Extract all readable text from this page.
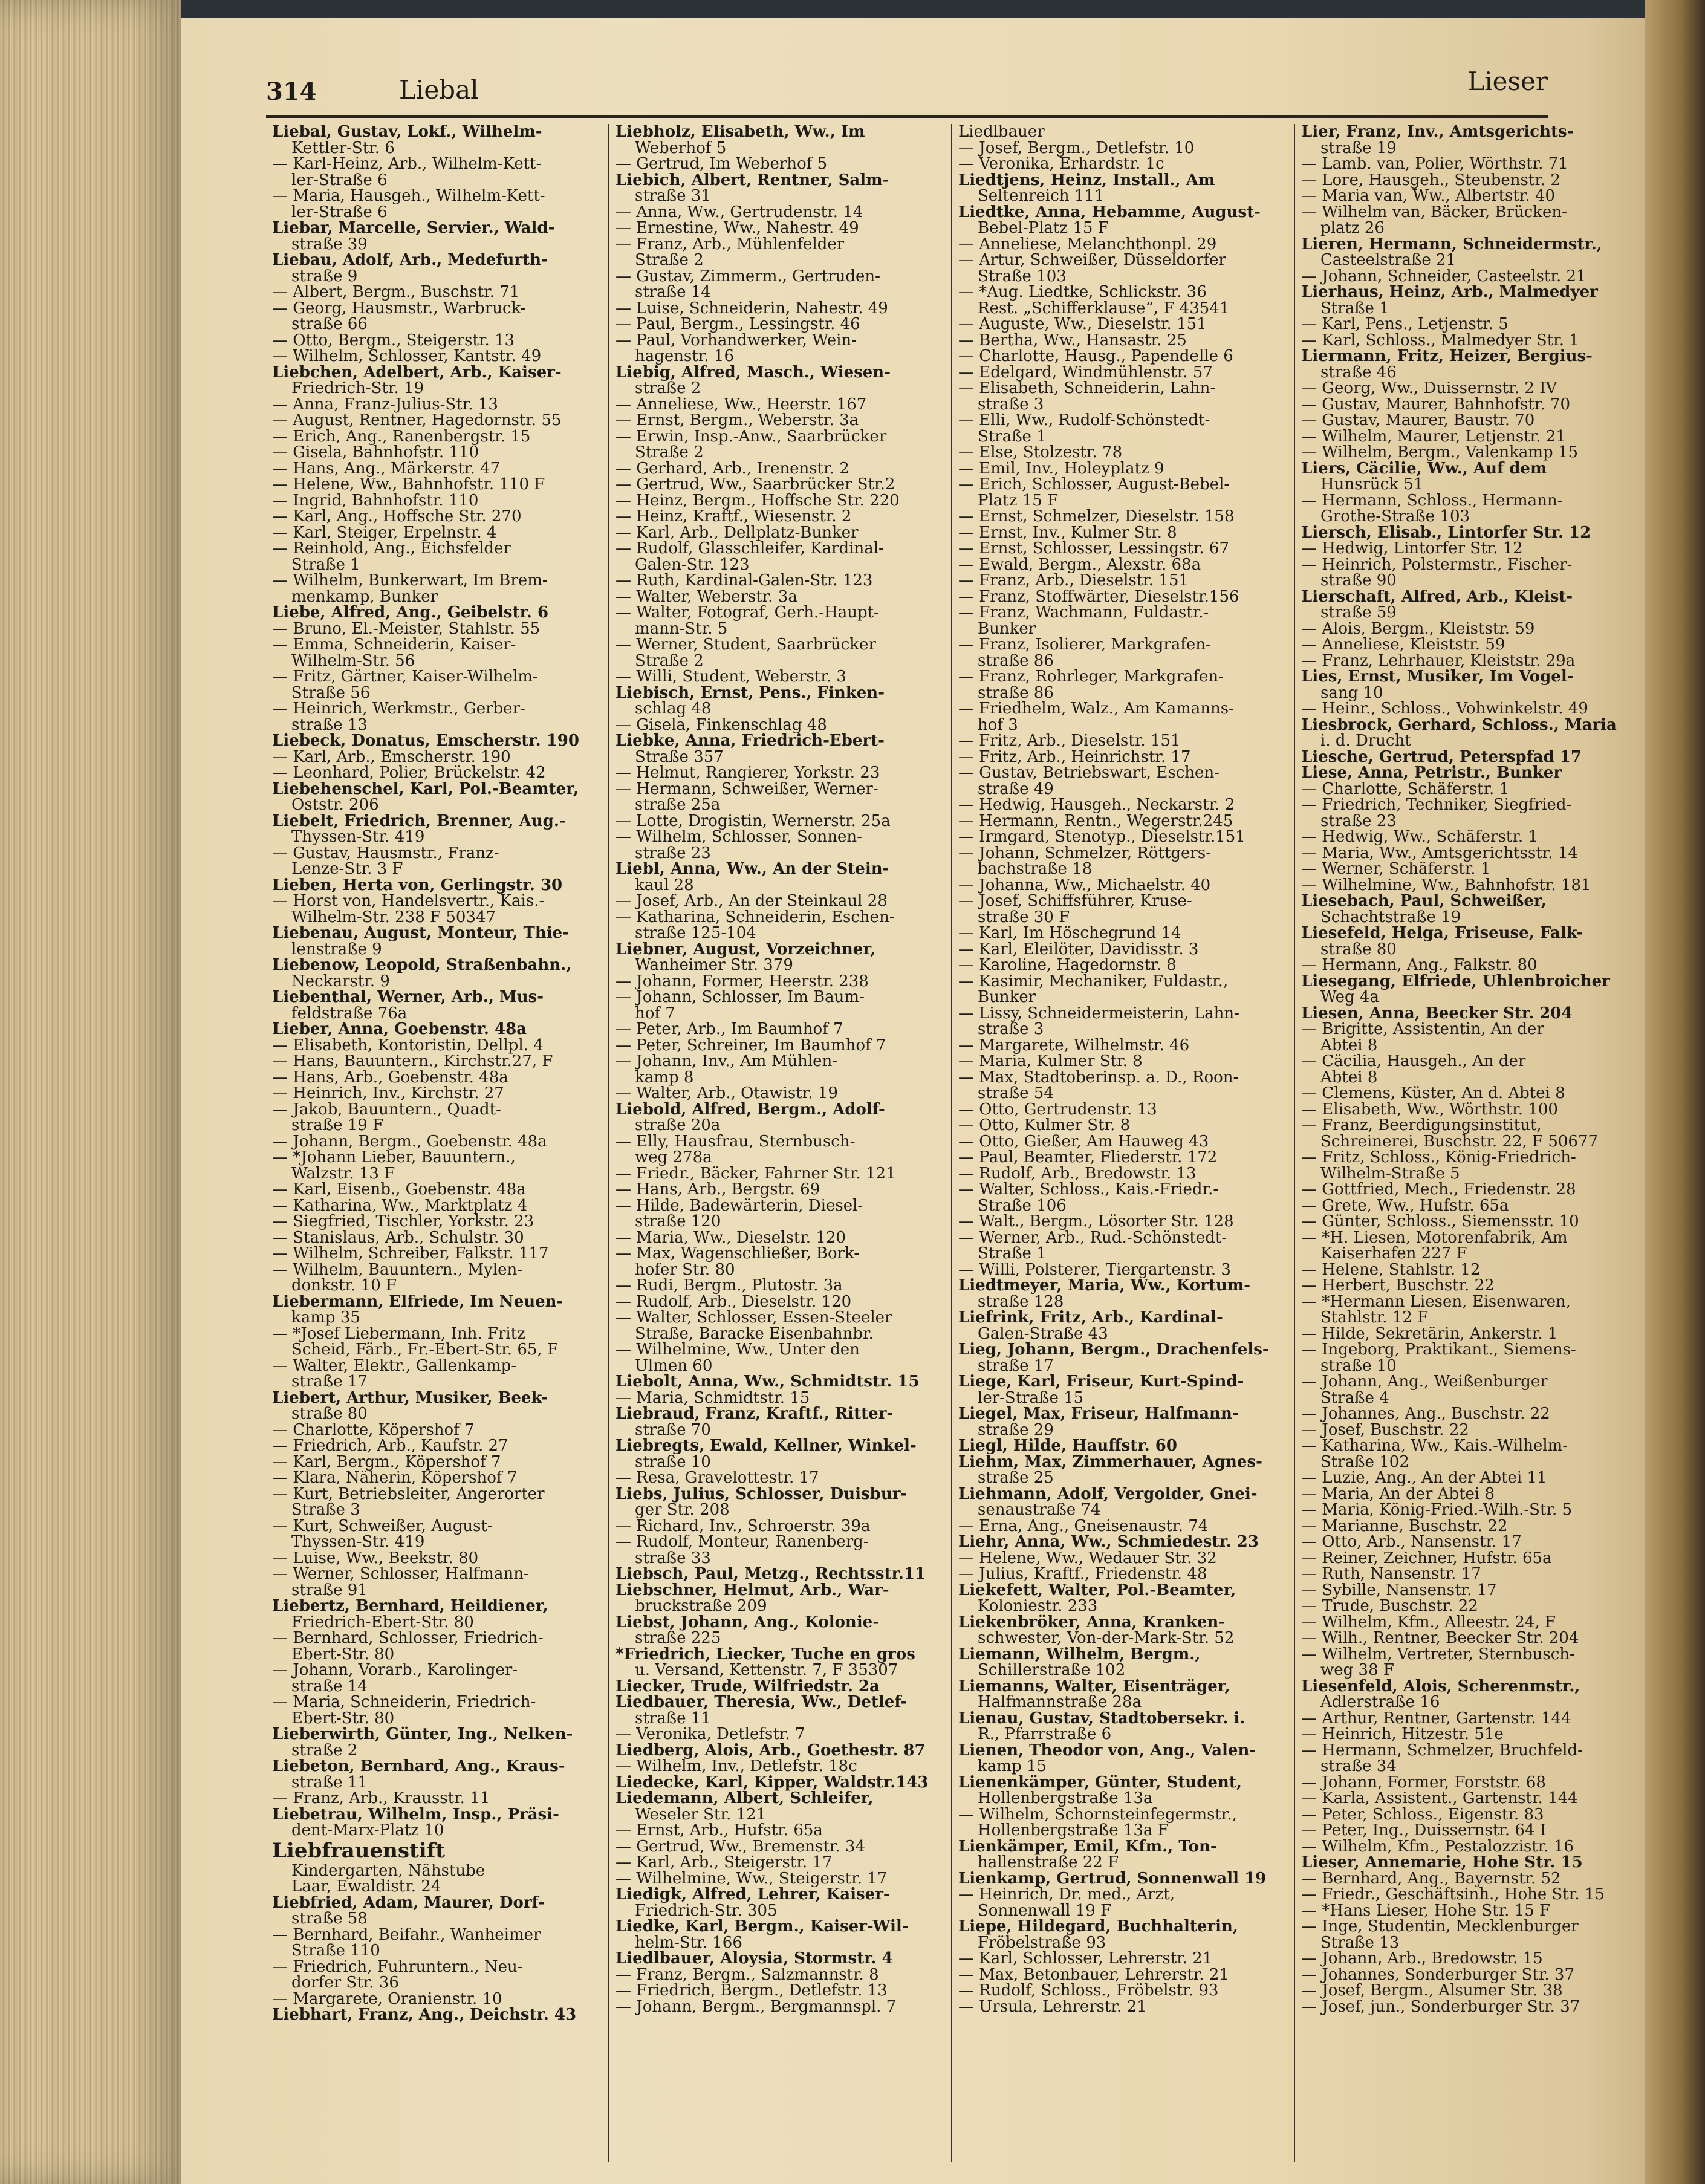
314	Liebal	Lieser
Liebal, Gustav, Lokf., Wilhelm-
Kettler-Str. 6
— Karl-Heinz, Arb., Wilhelm-Kett-
ler-Straße 6
— Maria, Hausgeh., Wilhelm-Kett-
ler-Straße 6
Liebar, Marcelle, Servier., Wald-
straße 39
Liebau, Adolf, Arb., Medefurth-
straße 9
— Albert, Bergm., Buschstr. 71
— Georg, Hausmstr., Warbruck-
straße 66
— Otto, Bergm., Steigerstr. 13
— Wilhelm, Schlosser, Kantstr. 49
Liebchen, Adelbert, Arb., Kaiser-
Friedrich-Str. 19
— Anna, Franz-Julius-Str. 13
— August, Rentner, Hagedornstr. 55
— Erich, Ang., Ranenbergstr. 15
— Gisela, Bahnhofstr. 110
— Hans, Ang., Märkerstr. 47
— Helene, Ww., Bahnhofstr. 110 F
— Ingrid, Bahnhofstr. 110
— Karl, Ang., Hoffsche Str. 270
— Karl, Steiger, Erpelnstr. 4
— Reinhold, Ang., Eichsfelder
Straße 1
— Wilhelm, Bunkerwart, Im Brem-
menkamp, Bunker
Liebe, Alfred, Ang., Geibelstr. 6
— Bruno, El.-Meister, Stahlstr. 55
— Emma, Schneiderin, Kaiser-
Wilhelm-Str. 56
— Fritz, Gärtner, Kaiser-Wilhelm-
Straße 56
— Heinrich, Werkmstr., Gerber-
straße 13
Liebeck, Donatus, Emscherstr. 190
— Karl, Arb., Emscherstr. 190
— Leonhard, Polier, Brückelstr. 42
Liebehenschel, Karl, Pol.-Beamter,
Oststr. 206
Liebelt, Friedrich, Brenner, Aug.-
Thyssen-Str. 419
— Gustav, Hausmstr., Franz-
Lenze-Str. 3 F
Lieben, Herta von, Gerlingstr. 30
— Horst von, Handelsvertr., Kais.-
Wilhelm-Str. 238 F 50347
Liebenau, August, Monteur, Thie-
lenstraße 9
Liebenow, Leopold, Straßenbahn.,
Neckarstr. 9
Liebenthal, Werner, Arb., Mus-
feldstraße 76a
Lieber, Anna, Goebenstr. 48a
— Elisabeth, Kontoristin, Dellpl. 4
— Hans, Bauuntern., Kirchstr.27, F
— Hans, Arb., Goebenstr. 48a
— Heinrich, Inv., Kirchstr. 27
— Jakob, Bauuntern., Quadt-
straße 19 F
— Johann, Bergm., Goebenstr. 48a
— *Johann Lieber, Bauuntern.,
Walzstr. 13 F
— Karl, Eisenb., Goebenstr. 48a
— Katharina, Ww., Marktplatz 4
— Siegfried, Tischler, Yorkstr. 23
— Stanislaus, Arb., Schulstr. 30
— Wilhelm, Schreiber, Falkstr. 117
— Wilhelm, Bauuntern., Mylen-
donkstr. 10 F
Liebermann, Elfriede, Im Neuen-
kamp 35
— *Josef Liebermann, Inh. Fritz
Scheid, Färb., Fr.-Ebert-Str. 65, F
— Walter, Elektr., Gallenkamp-
straße 17
Liebert, Arthur, Musiker, Beek-
straße 80
— Charlotte, Köpershof 7
— Friedrich, Arb., Kaufstr. 27
— Karl, Bergm., Köpershof 7
— Klara, Näherin, Köpershof 7
— Kurt, Betriebsleiter, Angerorter
Straße 3
— Kurt, Schweißer, August-
Thyssen-Str. 419
— Luise, Ww., Beekstr. 80
— Werner, Schlosser, Halfmann-
straße 91
Liebertz, Bernhard, Heildiener,
Friedrich-Ebert-Str. 80
— Bernhard, Schlosser, Friedrich-
Ebert-Str. 80
— Johann, Vorarb., Karolinger-
straße 14
— Maria, Schneiderin, Friedrich-
Ebert-Str. 80
Lieberwirth, Günter, Ing., Nelken-
straße 2
Liebeton, Bernhard, Ang., Kraus-
straße 11
— Franz, Arb., Krausstr. 11
Liebetrau, Wilhelm, Insp., Präsi-
dent-Marx-Platz 10
Liebfrauenstift
Kindergarten, Nähstube
Laar, Ewaldistr. 24
Liebfried, Adam, Maurer, Dorf-
straße 58
— Bernhard, Beifahr., Wanheimer
Straße 110
— Friedrich, Fuhruntern., Neu-
dorfer Str. 36
— Margarete, Oranienstr. 10
Liebhart, Franz, Ang., Deichstr. 43
Liebholz, Elisabeth, Ww., Im
Weberhof 5
— Gertrud, Im Weberhof 5
Liebich, Albert, Rentner, Salm-
straße 31
— Anna, Ww., Gertrudenstr. 14
— Ernestine, Ww., Nahestr. 49
— Franz, Arb., Mühlenfelder
Straße 2
— Gustav, Zimmerm., Gertruden-
straße 14
— Luise, Schneiderin, Nahestr. 49
— Paul, Bergm., Lessingstr. 46
— Paul, Vorhandwerker, Wein-
hagenstr. 16
Liebig, Alfred, Masch., Wiesen-
straße 2
— Anneliese, Ww., Heerstr. 167
— Ernst, Bergm., Weberstr. 3a
— Erwin, Insp.-Anw., Saarbrücker
Straße 2
— Gerhard, Arb., Irenenstr. 2
— Gertrud, Ww., Saarbrücker Str.2
— Heinz, Bergm., Hoffsche Str. 220
— Heinz, Kraftf., Wiesenstr. 2
— Karl, Arb., Dellplatz-Bunker
— Rudolf, Glasschleifer, Kardinal-
Galen-Str. 123
— Ruth, Kardinal-Galen-Str. 123
— Walter, Weberstr. 3a
— Walter, Fotograf, Gerh.-Haupt-
mann-Str. 5
— Werner, Student, Saarbrücker
Straße 2
— Willi, Student, Weberstr. 3
Liebisch, Ernst, Pens., Finken-
schlag 48
— Gisela, Finkenschlag 48
Liebke, Anna, Friedrich-Ebert-
Straße 357
— Helmut, Rangierer, Yorkstr. 23
— Hermann, Schweißer, Werner-
straße 25a
— Lotte, Drogistin, Wernerstr. 25a
— Wilhelm, Schlosser, Sonnen-
straße 23
Liebl, Anna, Ww., An der Stein-
kaul 28
— Josef, Arb., An der Steinkaul 28
— Katharina, Schneiderin, Eschen-
straße 125-104
Liebner, August, Vorzeichner,
Wanheimer Str. 379
— Johann, Former, Heerstr. 238
— Johann, Schlosser, Im Baum-
hof 7
— Peter, Arb., Im Baumhof 7
— Peter, Schreiner, Im Baumhof 7
— Johann, Inv., Am Mühlen-
kamp 8
— Walter, Arb., Otawistr. 19
Liebold, Alfred, Bergm., Adolf-
straße 20a
— Elly, Hausfrau, Sternbusch-
weg 278a
— Friedr., Bäcker, Fahrner Str. 121
— Hans, Arb., Bergstr. 69
— Hilde, Badewärterin, Diesel-
straße 120
— Maria, Ww., Dieselstr. 120
— Max, Wagenschließer, Bork-
hofer Str. 80
— Rudi, Bergm., Plutostr. 3a
— Rudolf, Arb., Dieselstr. 120
— Walter, Schlosser, Essen-Steeler
Straße, Baracke Eisenbahnbr.
— Wilhelmine, Ww., Unter den
Ulmen 60
Liebolt, Anna, Ww., Schmidtstr. 15
— Maria, Schmidtstr. 15
Liebraud, Franz, Kraftf., Ritter-
straße 70
Liebregts, Ewald, Kellner, Winkel-
straße 10
— Resa, Gravelottestr. 17
Liebs, Julius, Schlosser, Duisbur-
ger Str. 208
— Richard, Inv., Schroerstr. 39a
— Rudolf, Monteur, Ranenberg-
straße 33
Liebsch, Paul, Metzg., Rechtsstr.11
Liebschner, Helmut, Arb., War-
bruckstraße 209
Liebst, Johann, Ang., Kolonie-
straße 225
*Friedrich, Liecker, Tuche en gros
u. Versand, Kettenstr. 7, F 35307
Liecker, Trude, Wilfriedstr. 2a
Liedbauer, Theresia, Ww., Detlef-
straße 11
— Veronika, Detlefstr. 7
Liedberg, Alois, Arb., Goethestr. 87
— Wilhelm, Inv., Detlefstr. 18c
Liedecke, Karl, Kipper, Waldstr.143
Liedemann, Albert, Schleifer,
Weseler Str. 121
— Ernst, Arb., Hufstr. 65a
— Gertrud, Ww., Bremenstr. 34
— Karl, Arb., Steigerstr. 17
— Wilhelmine, Ww., Steigerstr. 17
Liedigk, Alfred, Lehrer, Kaiser-
Friedrich-Str. 305
Liedke, Karl, Bergm., Kaiser-Wil-
helm-Str. 166
Liedlbauer, Aloysia, Stormstr. 4
— Franz, Bergm., Salzmannstr. 8
— Friedrich, Bergm., Detlefstr. 13
— Johann, Bergm., Bergmannspl. 7
Liedlbauer
— Josef, Bergm., Detlefstr. 10
— Veronika, Erhardstr. 1c
Liedtjens, Heinz, Install., Am
Seltenreich 111
Liedtke, Anna, Hebamme, August-
Bebel-Platz 15 F
— Anneliese, Melanchthonpl. 29
— Artur, Schweißer, Düsseldorfer
Straße 103
— *Aug. Liedtke, Schlickstr. 36
Rest. „Schifferklause“, F 43541
— Auguste, Ww., Dieselstr. 151
— Bertha, Ww., Hansastr. 25
— Charlotte, Hausg., Papendelle 6
— Edelgard, Windmühlenstr. 57
— Elisabeth, Schneiderin, Lahn-
straße 3
— Elli, Ww., Rudolf-Schönstedt-
Straße 1
— Else, Stolzestr. 78
— Emil, Inv., Holeyplatz 9
— Erich, Schlosser, August-Bebel-
Platz 15 F
— Ernst, Schmelzer, Dieselstr. 158
— Ernst, Inv., Kulmer Str. 8
— Ernst, Schlosser, Lessingstr. 67
— Ewald, Bergm., Alexstr. 68a
— Franz, Arb., Dieselstr. 151
— Franz, Stoffwärter, Dieselstr.156
— Franz, Wachmann, Fuldastr.-
Bunker
— Franz, Isolierer, Markgrafen-
straße 86
— Franz, Rohrleger, Markgrafen-
straße 86
— Friedhelm, Walz., Am Kamanns-
hof 3
— Fritz, Arb., Dieselstr. 151
— Fritz, Arb., Heinrichstr. 17
— Gustav, Betriebswart, Eschen-
straße 49
— Hedwig, Hausgeh., Neckarstr. 2
— Hermann, Rentn., Wegerstr.245
— Irmgard, Stenotyp., Dieselstr.151
— Johann, Schmelzer, Röttgers-
bachstraße 18
— Johanna, Ww., Michaelstr. 40
— Josef, Schiffsführer, Kruse-
straße 30 F
— Karl, Im Höschegrund 14
— Karl, Eleilöter, Davidisstr. 3
— Karoline, Hagedornstr. 8
— Kasimir, Mechaniker, Fuldastr.,
Bunker
— Lissy, Schneidermeisterin, Lahn-
straße 3
— Margarete, Wilhelmstr. 46
— Maria, Kulmer Str. 8
— Max, Stadtoberinsp. a. D., Roon-
straße 54
— Otto, Gertrudenstr. 13
— Otto, Kulmer Str. 8
— Otto, Gießer, Am Hauweg 43
— Paul, Beamter, Fliederstr. 172
— Rudolf, Arb., Bredowstr. 13
— Walter, Schloss., Kais.-Friedr.-
Straße 106
— Walt., Bergm., Lösorter Str. 128
— Werner, Arb., Rud.-Schönstedt-
Straße 1
— Willi, Polsterer, Tiergartenstr. 3
Liedtmeyer, Maria, Ww., Kortum-
straße 128
Liefrink, Fritz, Arb., Kardinal-
Galen-Straße 43
Lieg, Johann, Bergm., Drachenfels-
straße 17
Liege, Karl, Friseur, Kurt-Spind-
ler-Straße 15
Liegel, Max, Friseur, Halfmann-
straße 29
Liegl, Hilde, Hauffstr. 60
Liehm, Max, Zimmerhauer, Agnes-
straße 25
Liehmann, Adolf, Vergolder, Gnei-
senaustraße 74
— Erna, Ang., Gneisenaustr. 74
Liehr, Anna, Ww., Schmiedestr. 23
— Helene, Ww., Wedauer Str. 32
— Julius, Kraftf., Friedenstr. 48
Liekefett, Walter, Pol.-Beamter,
Koloniestr. 233
Liekenbröker, Anna, Kranken-
schwester, Von-der-Mark-Str. 52
Liemann, Wilhelm, Bergm.,
Schillerstraße 102
Liemanns, Walter, Eisenträger,
Halfmannstraße 28a
Lienau, Gustav, Stadtobersekr. i.
R., Pfarrstraße 6
Lienen, Theodor von, Ang., Valen-
kamp 15
Lienenkämper, Günter, Student,
Hollenbergstraße 13a
— Wilhelm, Schornsteinfegermstr.,
Hollenbergstraße 13a F
Lienkämper, Emil, Kfm., Ton-
hallenstraße 22 F
Lienkamp, Gertrud, Sonnenwall 19
— Heinrich, Dr. med., Arzt,
Sonnenwall 19 F
Liepe, Hildegard, Buchhalterin,
Fröbelstraße 93
— Karl, Schlosser, Lehrerstr. 21
— Max, Betonbauer, Lehrerstr. 21
— Rudolf, Schloss., Fröbelstr. 93
— Ursula, Lehrerstr. 21
Lier, Franz, Inv., Amtsgerichts-
straße 19
— Lamb. van, Polier, Wörthstr. 71
— Lore, Hausgeh., Steubenstr. 2
— Maria van, Ww., Albertstr. 40
— Wilhelm van, Bäcker, Brücken-
platz 26
Lieren, Hermann, Schneidermstr.,
Casteelstraße 21
— Johann, Schneider, Casteelstr. 21
Lierhaus, Heinz, Arb., Malmedyer
Straße 1
— Karl, Pens., Letjenstr. 5
— Karl, Schloss., Malmedyer Str. 1
Liermann, Fritz, Heizer, Bergius-
straße 46
— Georg, Ww., Duissernstr. 2 IV
— Gustav, Maurer, Bahnhofstr. 70
— Gustav, Maurer, Baustr. 70
— Wilhelm, Maurer, Letjenstr. 21
— Wilhelm, Bergm., Valenkamp 15
Liers, Cäcilie, Ww., Auf dem
Hunsrück 51
— Hermann, Schloss., Hermann-
Grothe-Straße 103
Liersch, Elisab., Lintorfer Str. 12
— Hedwig, Lintorfer Str. 12
— Heinrich, Polstermstr., Fischer-
straße 90
Lierschaft, Alfred, Arb., Kleist-
straße 59
— Alois, Bergm., Kleiststr. 59
— Anneliese, Kleiststr. 59
— Franz, Lehrhauer, Kleiststr. 29a
Lies, Ernst, Musiker, Im Vogel-
sang 10
— Heinr., Schloss., Vohwinkelstr. 49
Liesbrock, Gerhard, Schloss., Maria
i. d. Drucht
Liesche, Gertrud, Peterspfad 17
Liese, Anna, Petristr., Bunker
— Charlotte, Schäferstr. 1
— Friedrich, Techniker, Siegfried-
straße 23
— Hedwig, Ww., Schäferstr. 1
— Maria, Ww., Amtsgerichtsstr. 14
— Werner, Schäferstr. 1
— Wilhelmine, Ww., Bahnhofstr. 181
Liesebach, Paul, Schweißer,
Schachtstraße 19
Liesefeld, Helga, Friseuse, Falk-
straße 80
— Hermann, Ang., Falkstr. 80
Liesegang, Elfriede, Uhlenbroicher
Weg 4a
Liesen, Anna, Beecker Str. 204
— Brigitte, Assistentin, An der
Abtei 8
— Cäcilia, Hausgeh., An der
Abtei 8
— Clemens, Küster, An d. Abtei 8
— Elisabeth, Ww., Wörthstr. 100
— Franz, Beerdigungsinstitut,
Schreinerei, Buschstr. 22, F 50677
— Fritz, Schloss., König-Friedrich-
Wilhelm-Straße 5
— Gottfried, Mech., Friedenstr. 28
— Grete, Ww., Hufstr. 65a
— Günter, Schloss., Siemensstr. 10
— *H. Liesen, Motorenfabrik, Am
Kaiserhafen 227 F
— Helene, Stahlstr. 12
— Herbert, Buschstr. 22
— *Hermann Liesen, Eisenwaren,
Stahlstr. 12 F
— Hilde, Sekretärin, Ankerstr. 1
— Ingeborg, Praktikant., Siemens-
straße 10
— Johann, Ang., Weißenburger
Straße 4
— Johannes, Ang., Buschstr. 22
— Josef, Buschstr. 22
— Katharina, Ww., Kais.-Wilhelm-
Straße 102
— Luzie, Ang., An der Abtei 11
— Maria, An der Abtei 8
— Maria, König-Fried.-Wilh.-Str. 5
— Marianne, Buschstr. 22
— Otto, Arb., Nansenstr. 17
— Reiner, Zeichner, Hufstr. 65a
— Ruth, Nansenstr. 17
— Sybille, Nansenstr. 17
— Trude, Buschstr. 22
— Wilhelm, Kfm., Alleestr. 24, F
— Wilh., Rentner, Beecker Str. 204
— Wilhelm, Vertreter, Sternbusch-
weg 38 F
Liesenfeld, Alois, Scherenmstr.,
Adlerstraße 16
— Arthur, Rentner, Gartenstr. 144
— Heinrich, Hitzestr. 51e
— Hermann, Schmelzer, Bruchfeld-
straße 34
— Johann, Former, Forststr. 68
— Karla, Assistent., Gartenstr. 144
— Peter, Schloss., Eigenstr. 83
— Peter, Ing., Duissernstr. 64 I
— Wilhelm, Kfm., Pestalozzistr. 16
Lieser, Annemarie, Hohe Str. 15
— Bernhard, Ang., Bayernstr. 52
— Friedr., Geschäftsinh., Hohe Str. 15
— *Hans Lieser, Hohe Str. 15 F
— Inge, Studentin, Mecklenburger
Straße 13
— Johann, Arb., Bredowstr. 15
— Johannes, Sonderburger Str. 37
— Josef, Bergm., Alsumer Str. 38
— Josef, jun., Sonderburger Str. 37
